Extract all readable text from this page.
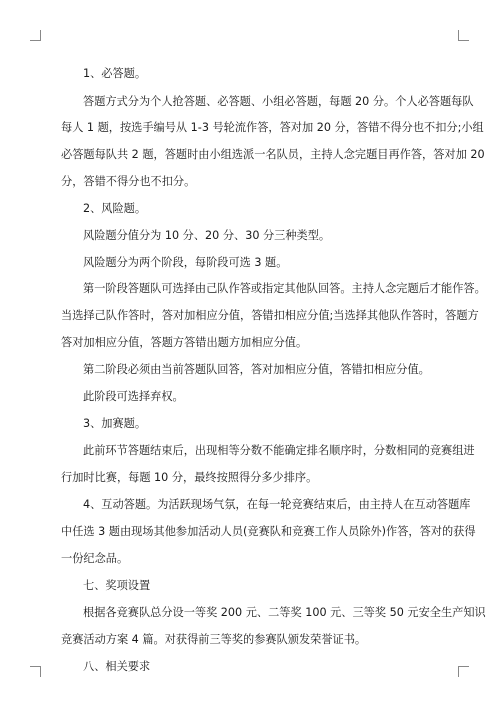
1、必答题。
答题方式分为个人抢答题、必答题、小组必答题，每题 20 分。个人必答题每队
每人 1 题，按选手编号从 1-3 号轮流作答，答对加 20 分，答错不得分也不扣分;小组
必答题每队共 2 题，答题时由小组选派一名队员，主持人念完题目再作答，答对加 20
分，答错不得分也不扣分。
2、风险题。
风险题分值分为 10 分、20 分、30 分三种类型。
风险题分为两个阶段，每阶段可选 3 题。
第一阶段答题队可选择由己队作答或指定其他队回答。主持人念完题后才能作答。
当选择己队作答时，答对加相应分值，答错扣相应分值;当选择其他队作答时，答题方
答对加相应分值，答题方答错出题方加相应分值。
第二阶段必须由当前答题队回答，答对加相应分值，答错扣相应分值。
此阶段可选择弃权。
3、加赛题。
此前环节答题结束后，出现相等分数不能确定排名顺序时，分数相同的竞赛组进
行加时比赛，每题 10 分，最终按照得分多少排序。
4、互动答题。为活跃现场气氛，在每一轮竞赛结束后，由主持人在互动答题库
中任选 3 题由现场其他参加活动人员(竞赛队和竞赛工作人员除外)作答，答对的获得
一份纪念品。
七、奖项设置
根据各竞赛队总分设一等奖 200 元、二等奖 100 元、三等奖 50 元安全生产知识
竞赛活动方案 4 篇。对获得前三等奖的参赛队颁发荣誉证书。
八、相关要求
